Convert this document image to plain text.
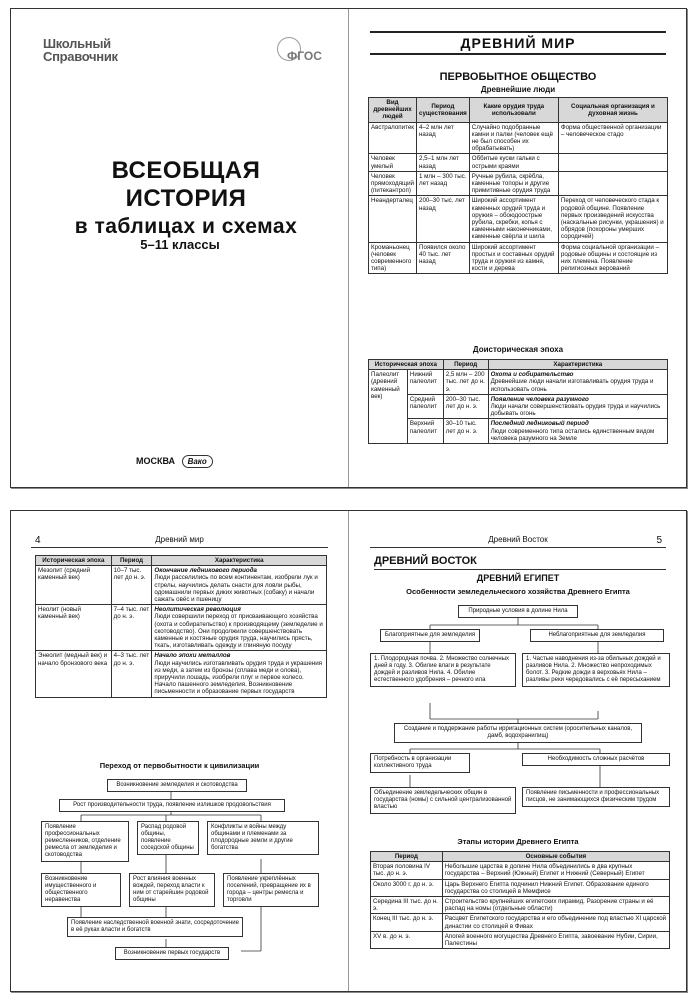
Школьный
Справочник	ФГОС
ВСЕОБЩАЯ ИСТОРИЯ
в таблицах и схемах
5–11 классы
МОСКВА Вако
ДРЕВНИЙ МИР
ПЕРВОБЫТНОЕ ОБЩЕСТВО
Древнейшие люди
Вид древнейших людей	Период существования	Какие орудия труда использовали	Социальная организация и духовная жизнь
Австралопитек	4–2 млн лет назад	Случайно подобранные камни и палки (человек ещё не был способен их обрабатывать)	Форма общественной организации – человеческое стадо
Человек умелый	2,5–1 млн лет назад	Оббитые куски гальки с острыми краями	
Человек прямоходящий (питекантроп)	1 млн – 300 тыс. лет назад	Ручные рубила, скрёбла, каменные топоры и другие примитивные орудия труда	
Неандерталец	200–30 тыс. лет назад	Широкий ассортимент каменных орудий труда и оружия – обоюдоострые рубила, скребки, копья с каменными наконечниками, каменные свёрла и шила	Переход от человеческого стада к родовой общине. Появление первых произведений искусства (наскальные рисунки, украшения) и обрядов (похороны умерших сородичей)
Кроманьонец (человек современного типа)	Появился около 40 тыс. лет назад	Широкий ассортимент простых и составных орудий труда и оружия из камня, кости и дерева	Форма социальной организации – родовые общины и состоящие из них племена. Появление религиозных верований
Доисторическая эпоха
Историческая эпоха		Период	Характеристика
Палеолит (древний каменный век)	Нижний палеолит	2,5 млн – 200 тыс. лет до н. э.	Охота и собирательство
Древнейшие люди начали изготавливать орудия труда и использовать огонь
	Средний палеолит	200–30 тыс. лет до н. э.	Появление человека разумного
Люди начали совершенствовать орудия труда и научились добывать огонь
	Верхний палеолит	30–10 тыс. лет до н. э.	Последний ледниковый период
Люди современного типа остались единственным видом человека разумного на Земле
4	Древний мир
Историческая эпоха	Период	Характеристика
Мезолит (средний каменный век)	10–7 тыс. лет до н. э.	Окончание ледникового периода
Люди расселились по всем континентам, изобрели лук и стрелы, научились делать снасти для ловли рыбы, одомашнили первых диких животных (собаку) и начали сажать овёс и пшеницу
Неолит (новый каменный век)	7–4 тыс. лет до н. э.	Неолитическая революция
Люди совершили переход от присваивающего хозяйства (охота и собирательство) к производящему (земледелие и скотоводство). Они продолжили совершенствовать каменные и костяные орудия труда, научились прясть, ткать, изготавливать одежду и глиняную посуду
Энеолит (медный век) и начало бронзового века	4–3 тыс. лет до н. э.	Начало эпохи металлов
Люди научились изготавливать орудия труда и украшения из меди, а затем из бронзы (сплава меди и олова), приручили лошадь, изобрели плуг и первое колесо. Начало пашенного земледелия. Возникновение письменности и образование первых государств
Переход от первобытности к цивилизации
Возникновение земледелия и скотоводства
Рост производительности труда, появление излишков продовольствия
Появление профессиональных ремесленников, отделение ремесла от земледелия и скотоводства
Распад родовой общины, появление соседской общины
Конфликты и войны между общинами и племенами за плодородные земли и другие богатства
Возникновение имущественного и общественного неравенства
Рост влияния военных вождей, переход власти к ним от старейшин родовой общины
Появление укреплённых поселений, превращение их в города – центры ремесла и торговли
Появление наследственной военной знати, сосредоточение в её руках власти и богатств
Возникновение первых государств
Древний Восток	5
ДРЕВНИЙ ВОСТОК
ДРЕВНИЙ ЕГИПЕТ
Особенности земледельческого хозяйства Древнего Египта
Природные условия в долине Нила
Благоприятные для земледелия	Неблагоприятные для земледелия
1. Плодородная почва. 2. Множество солнечных дней в году. 3. Обилие влаги в результате дождей и разливов Нила. 4. Обилие естественного удобрения – речного ила
1. Частые наводнения из-за обильных дождей и разливов Нила. 2. Множество непроходимых болот. 3. Редкие дожди в верховьях Нила – разливы реки чередовались с её пересыханием
Создание и поддержание работы ирригационных систем (оросительных каналов, дамб, водохранилищ)
Потребность в организации коллективного труда
Необходимость сложных расчётов
Объединение земледельческих общин в государства (номы) с сильной централизованной властью
Появление письменности и профессиональных писцов, не занимающихся физическим трудом
Этапы истории Древнего Египта
Период	Основные события
Вторая половина IV тыс. до н. э.	Небольшие царства в долине Нила объединились в два крупных государства – Верхний (Южный) Египет и Нижний (Северный) Египет
Около 3000 г. до н. э.	Царь Верхнего Египта подчинил Нижний Египет. Образование единого государства со столицей в Мемфисе
Середина III тыс. до н. э.	Строительство крупнейших египетских пирамид. Разорение страны и её распад на номы (отдельные области)
Конец III тыс. до н. э.	Расцвет Египетского государства и его объединение под властью XI царской династии со столицей в Фивах
XV в. до н. э.	Апогей военного могущества Древнего Египта, завоевание Нубии, Сирии, Палестины
